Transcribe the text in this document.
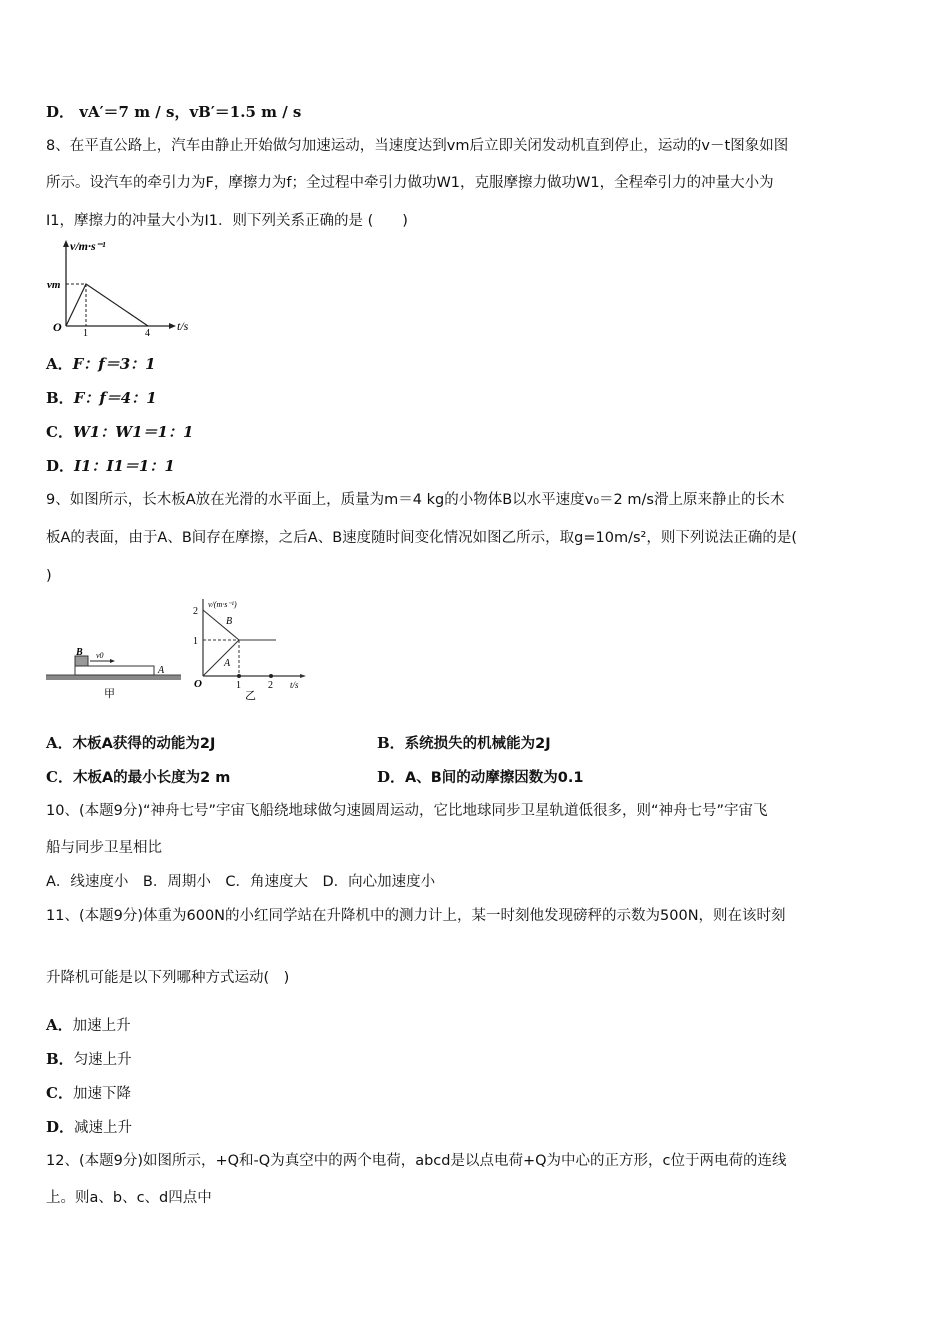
D． vA′＝7 m / s，vB′＝1.5 m / s
8、在平直公路上，汽车由静止开始做匀加速运动，当速度达到vm后立即关闭发动机直到停止，运动的v－t图象如图
所示。设汽车的牵引力为F，摩擦力为f；全过程中牵引力做功W1，克服摩擦力做功W1，全程牵引力的冲量大小为
I1，摩擦力的冲量大小为I1．则下列关系正确的是 (　　)
v/m·s⁻¹
vm
O 1	4
t/s
A．F：f＝3：1
B．F：f＝4：1
C．W1：W1＝1：1
D．I1：I1＝1：1
9、如图所示，长木板A放在光滑的水平面上，质量为m＝4 kg的小物体B以水平速度v₀＝2 m/s滑上原来静止的长木
板A的表面，由于A、B间存在摩擦，之后A、B速度随时间变化情况如图乙所示，取g=10m/s²，则下列说法正确的是(
)
B v0
A
甲
v/(m·s⁻¹)
2
1
B
A
O	1	2 t/s
乙
A．木板A获得的动能为2J	B．系统损失的机械能为2J
C．木板A的最小长度为2 m	D．A、B间的动摩擦因数为0.1
10、(本题9分)“神舟七号”宇宙飞船绕地球做匀速圆周运动，它比地球同步卫星轨道低很多，则“神舟七号”宇宙飞
船与同步卫星相比
A．线速度小　B．周期小　C．角速度大　D．向心加速度小
11、(本题9分)体重为600N的小红同学站在升降机中的测力计上，某一时刻他发现磅秤的示数为500N，则在该时刻
升降机可能是以下列哪种方式运动(　)
A．加速上升
B．匀速上升
C．加速下降
D．减速上升
12、(本题9分)如图所示，+Q和-Q为真空中的两个电荷，abcd是以点电荷+Q为中心的正方形，c位于两电荷的连线
上。则a、b、c、d四点中
